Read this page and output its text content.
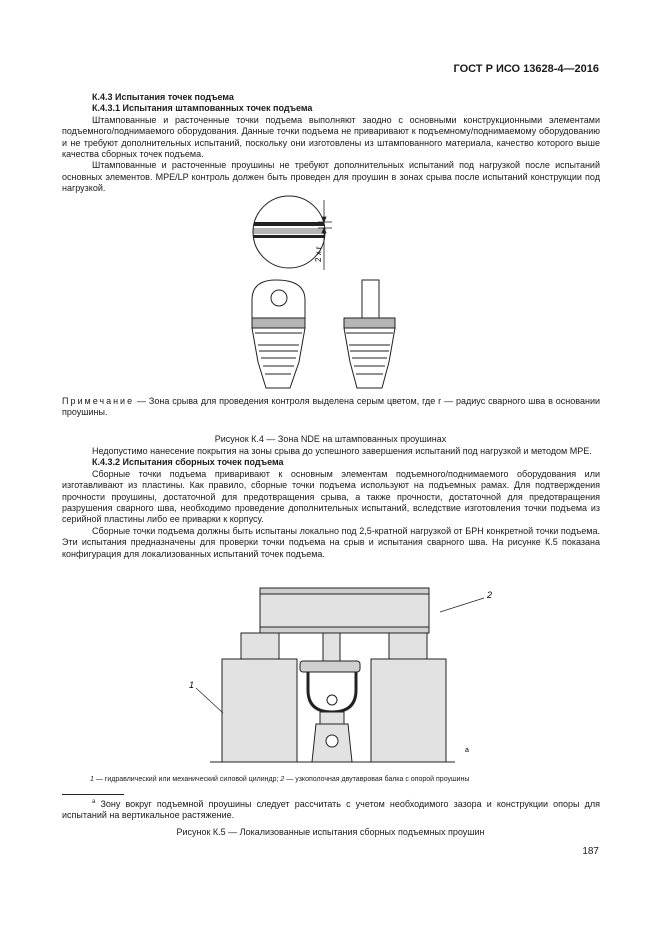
ГОСТ Р ИСО 13628-4—2016

К.4.3 Испытания точек подъема

К.4.3.1 Испытания штампованных точек подъема

Штампованные и расточенные точки подъема выполняют заодно с основными конструкционными элементами подъемного/поднимаемого оборудования. Данные точки подъема не приваривают к подъемному/поднимаемому оборудованию и не требуют дополнительных испытаний, поскольку они изготовлены из штампованного материала, качество которого выше качества сборных точек подъема.

Штампованные и расточенные проушины не требуют дополнительных испытаний под нагрузкой после испытаний основных элементов. MPE/LP контроль должен быть проведен для проушин в зонах срыва после испытаний конструкции под нагрузкой.

2 x r

Примечание — Зона срыва для проведения контроля выделена серым цветом, где r — радиус сварного шва в основании проушины.

Рисунок К.4 — Зона NDE на штампованных проушинах

Недопустимо нанесение покрытия на зоны срыва до успешного завершения испытаний под нагрузкой и методом MPE.

К.4.3.2 Испытания сборных точек подъема

Сборные точки подъема приваривают к основным элементам подъемного/поднимаемого оборудования или изготавливают из пластины. Как правило, сборные точки подъема используют на подъемных рамах. Для подтверждения прочности проушины, достаточной для предотвращения срыва, а также прочности, достаточной для предотвращения разрушения сварного шва, необходимо проведение дополнительных испытаний, вследствие изготовления точки подъема из серийной пластины либо ее приварки к корпусу.

Сборные точки подъема должны быть испытаны локально под 2,5-кратной нагрузкой от БРН конкретной точки подъема. Эти испытания предназначены для проверки точки подъема на срыв и испытания сварного шва. На рисунке К.5 показана конфигурация для локализованных испытаний точек подъема.

1
2
a
1 — гидравлический или механический силовой цилиндр; 2 — узкополочная двутавровая балка с опорой проушины
$^a$ Зону вокруг подъемной проушины следует рассчитать с учетом необходимого зазора и конструкции опоры для испытаний на вертикальное растяжение.
Рисунок К.5 — Локализованные испытания сборных подъемных проушин
187
